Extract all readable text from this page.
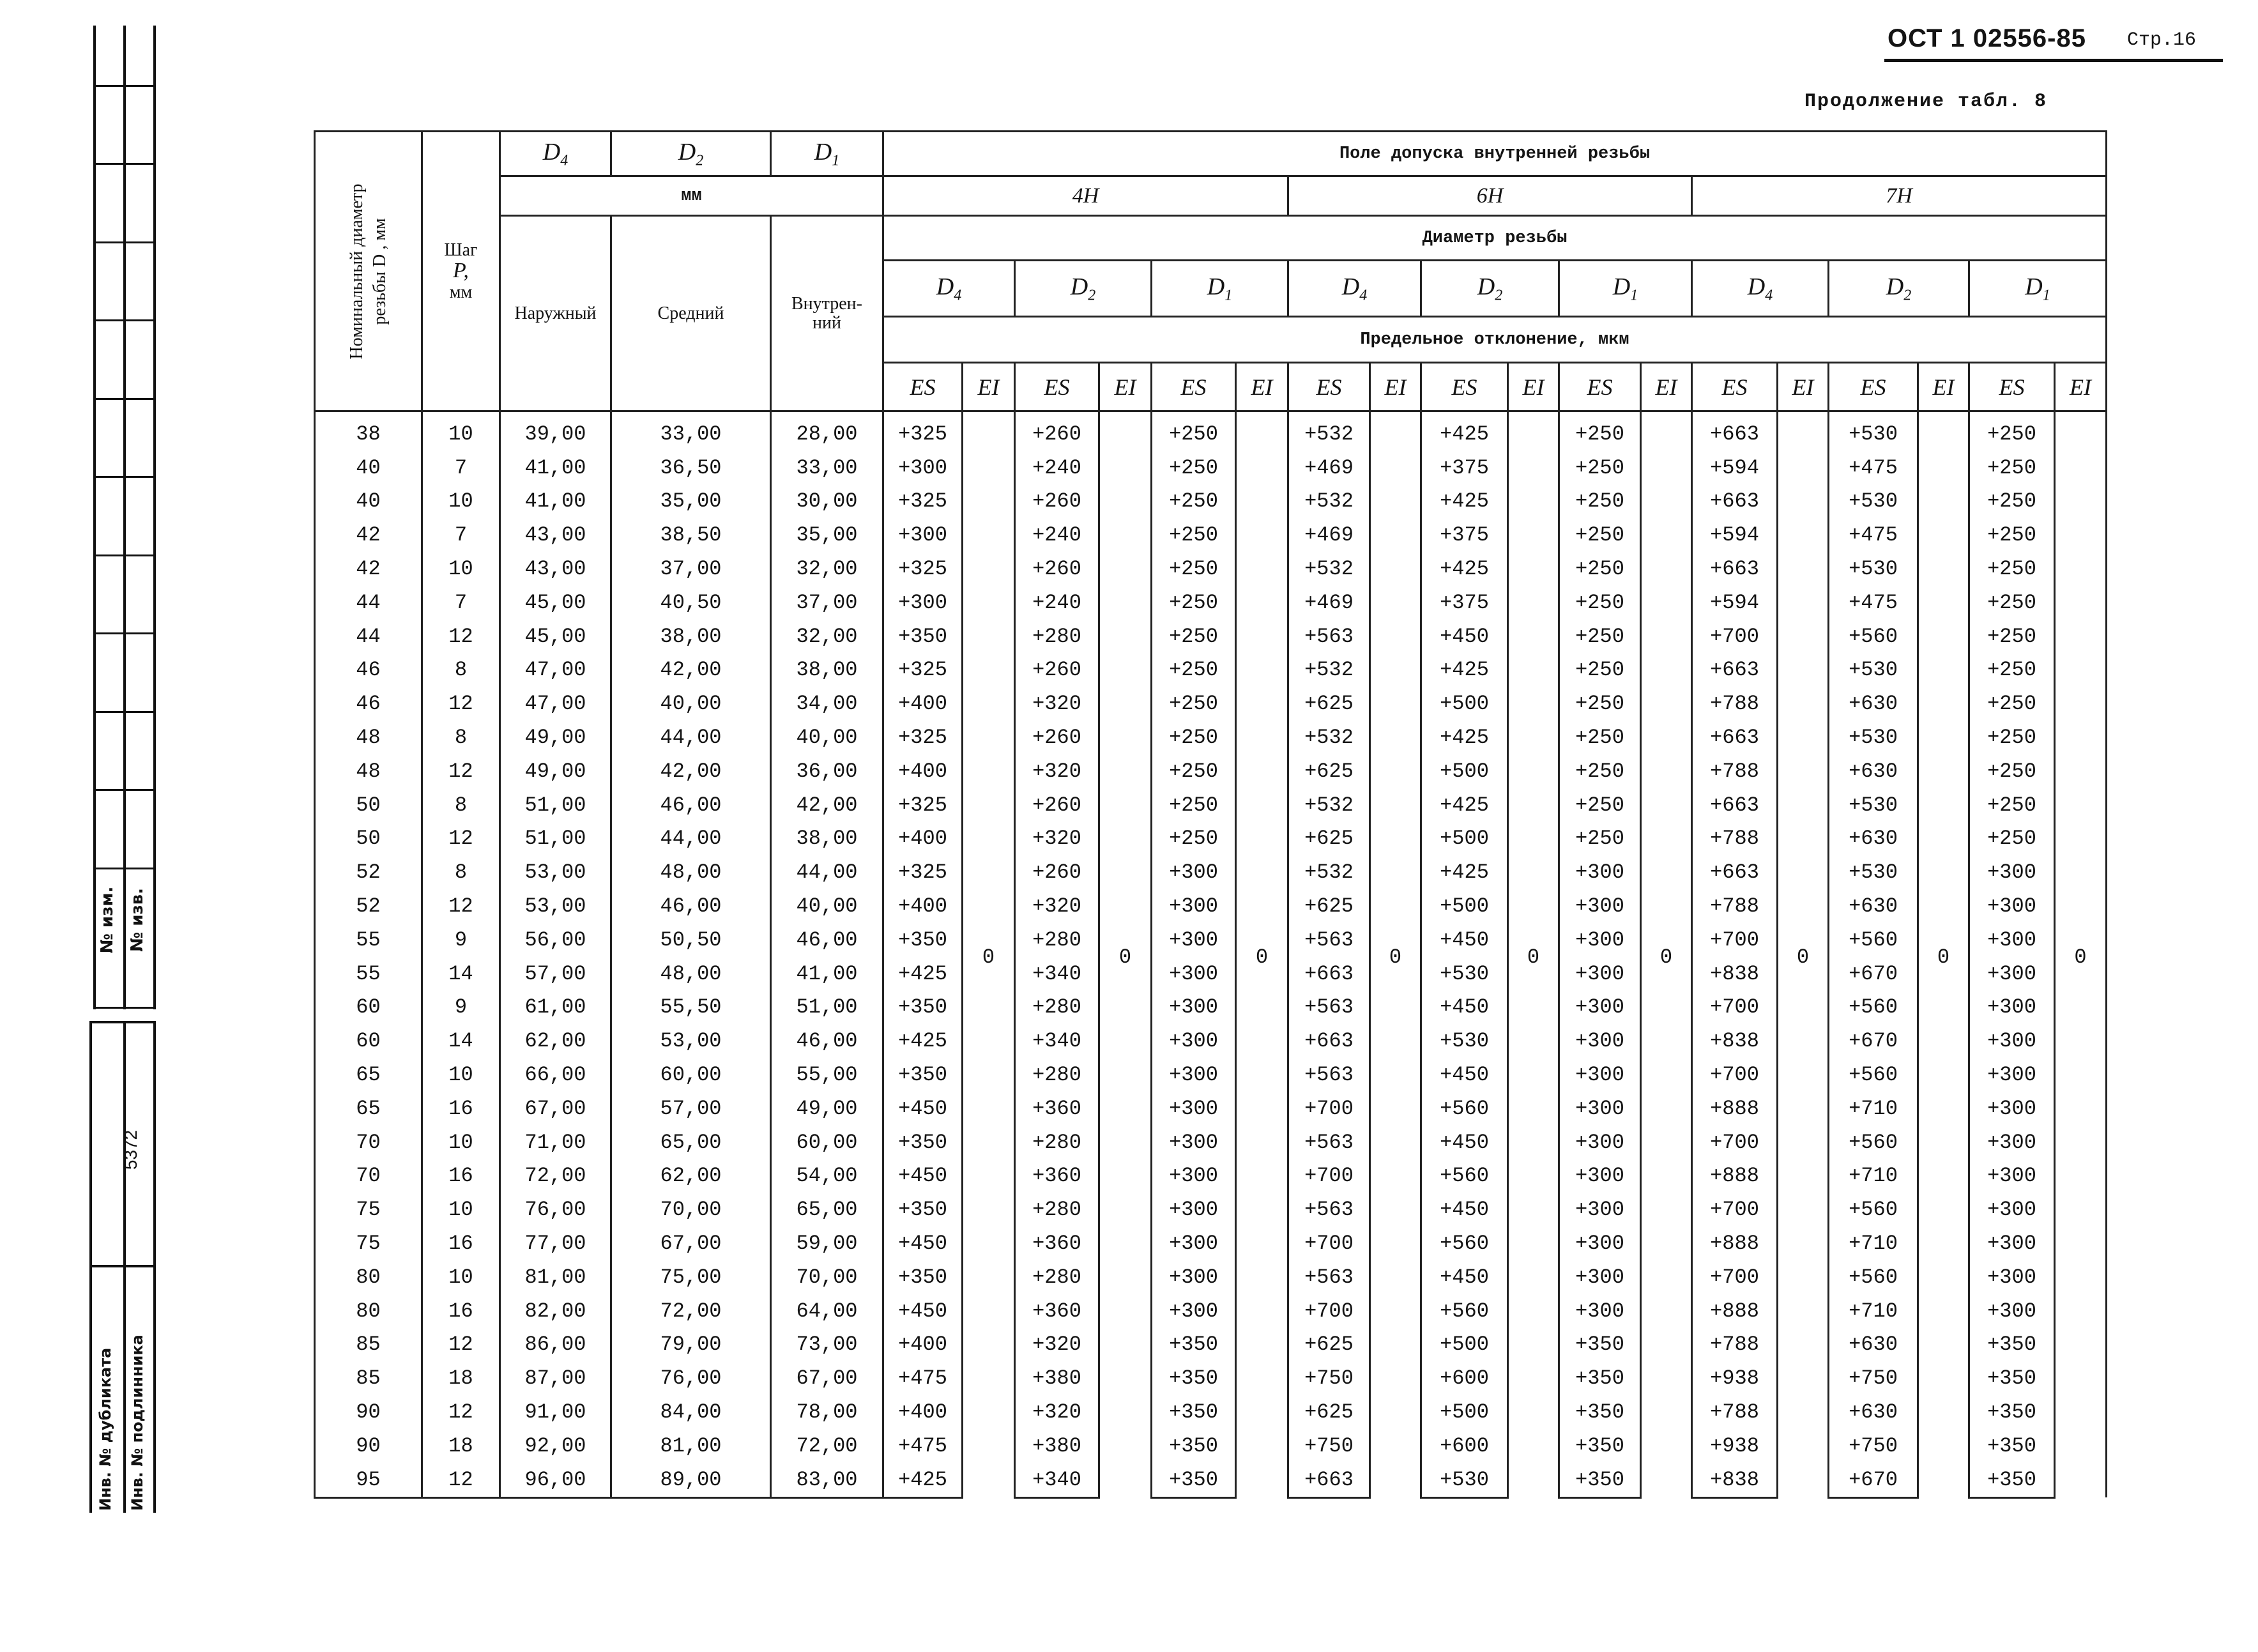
№ изм. № изв.
5372
Инв. № дубликата Инв. № подлинника
ОСТ 1 02556-85 Стр.16
Продолжение табл. 8
Номинальный диаметр резьбы D , мм	Шаг
P,
мм	$D_4$	$D_2$	$D_1$	Поле допуска внутренней резьбы																	
		мм			4H						6H						7H					
		Наружный	Средний	Внутрен-
ний	Диаметр резьбы																	
					$D_4$		$D_2$		$D_1$		$D_4$		$D_2$		$D_1$		$D_4$		$D_2$		$D_1$
					Предельное отклонение, мкм																	
					ES	EI	ES	EI	ES	EI	ES	EI	ES	EI	ES	EI	ES	EI	ES	EI	ES	EI
38	10	39,00	33,00	28,00	+325	0	+260	0	+250	0	+532	0	+425	0	+250	0	+663	0	+530	0	+250	0
40	7	41,00	36,50	33,00	+300		+240		+250		+469		+375		+250		+594		+475		+250	
40	10	41,00	35,00	30,00	+325		+260		+250		+532		+425		+250		+663		+530		+250	
42	7	43,00	38,50	35,00	+300		+240		+250		+469		+375		+250		+594		+475		+250	
42	10	43,00	37,00	32,00	+325		+260		+250		+532		+425		+250		+663		+530		+250	
44	7	45,00	40,50	37,00	+300		+240		+250		+469		+375		+250		+594		+475		+250	
44	12	45,00	38,00	32,00	+350		+280		+250		+563		+450		+250		+700		+560		+250	
46	8	47,00	42,00	38,00	+325		+260		+250		+532		+425		+250		+663		+530		+250	
46	12	47,00	40,00	34,00	+400		+320		+250		+625		+500		+250		+788		+630		+250	
48	8	49,00	44,00	40,00	+325		+260		+250		+532		+425		+250		+663		+530		+250	
48	12	49,00	42,00	36,00	+400		+320		+250		+625		+500		+250		+788		+630		+250	
50	8	51,00	46,00	42,00	+325		+260		+250		+532		+425		+250		+663		+530		+250	
50	12	51,00	44,00	38,00	+400		+320		+250		+625		+500		+250		+788		+630		+250	
52	8	53,00	48,00	44,00	+325		+260		+300		+532		+425		+300		+663		+530		+300	
52	12	53,00	46,00	40,00	+400		+320		+300		+625		+500		+300		+788		+630		+300	
55	9	56,00	50,50	46,00	+350		+280		+300		+563		+450		+300		+700		+560		+300	
55	14	57,00	48,00	41,00	+425		+340		+300		+663		+530		+300		+838		+670		+300	
60	9	61,00	55,50	51,00	+350		+280		+300		+563		+450		+300		+700		+560		+300	
60	14	62,00	53,00	46,00	+425		+340		+300		+663		+530		+300		+838		+670		+300	
65	10	66,00	60,00	55,00	+350		+280		+300		+563		+450		+300		+700		+560		+300	
65	16	67,00	57,00	49,00	+450		+360		+300		+700		+560		+300		+888		+710		+300	
70	10	71,00	65,00	60,00	+350		+280		+300		+563		+450		+300		+700		+560		+300	
70	16	72,00	62,00	54,00	+450		+360		+300		+700		+560		+300		+888		+710		+300	
75	10	76,00	70,00	65,00	+350		+280		+300		+563		+450		+300		+700		+560		+300	
75	16	77,00	67,00	59,00	+450		+360		+300		+700		+560		+300		+888		+710		+300	
80	10	81,00	75,00	70,00	+350		+280		+300		+563		+450		+300		+700		+560		+300	
80	16	82,00	72,00	64,00	+450		+360		+300		+700		+560		+300		+888		+710		+300	
85	12	86,00	79,00	73,00	+400		+320		+350		+625		+500		+350		+788		+630		+350	
85	18	87,00	76,00	67,00	+475		+380		+350		+750		+600		+350		+938		+750		+350	
90	12	91,00	84,00	78,00	+400		+320		+350		+625		+500		+350		+788		+630		+350	
90	18	92,00	81,00	72,00	+475		+380		+350		+750		+600		+350		+938		+750		+350	
95	12	96,00	89,00	83,00	+425		+340		+350		+663		+530		+350		+838		+670		+350	
